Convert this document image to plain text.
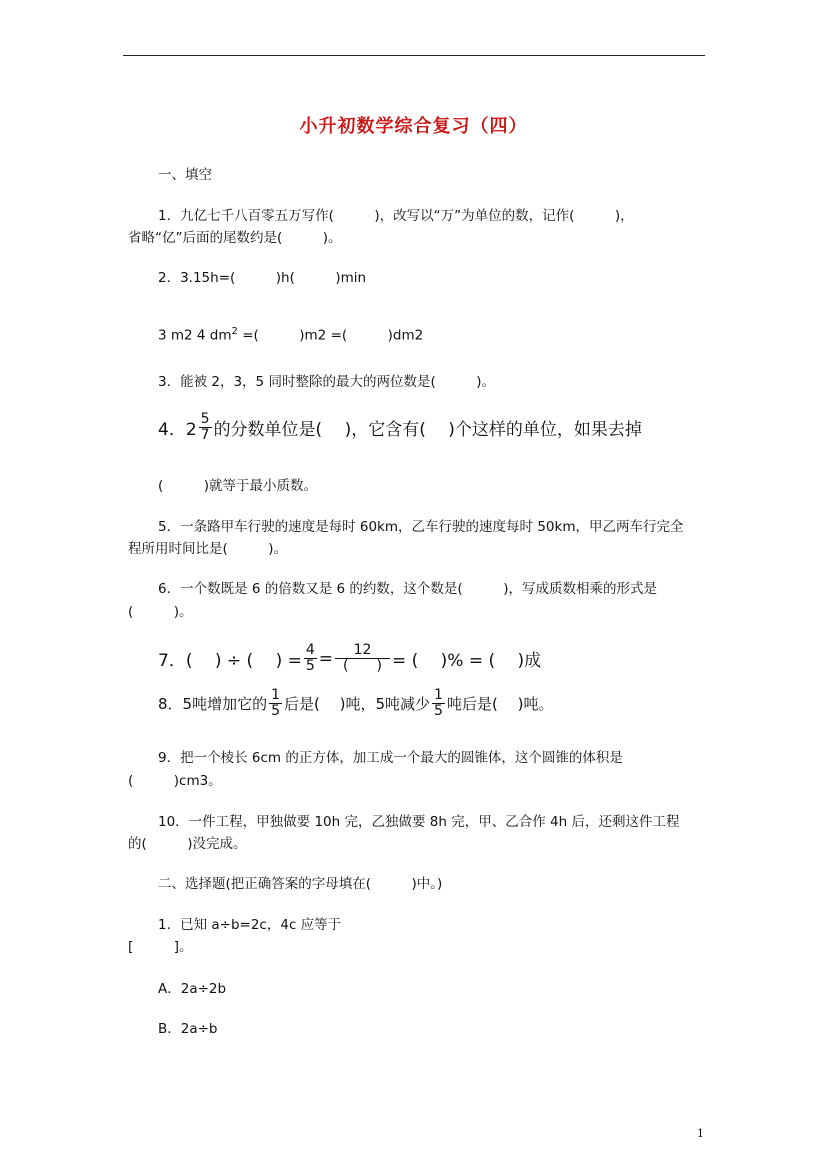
小升初数学综合复习（四）
一、填空
1．九亿七千八百零五万写作(　　　)，改写以“万”为单位的数，记作(　　　)，
省略“亿”后面的尾数约是(　　　)。
2．3.15h=(　　　)h(　　　)min
3 m2 4 $dm^2$ =(　　　)m2 =(　　　)dm2
3．能被 2，3，5 同时整除的最大的两位数是(　　　)。
4．$2 \frac{5}{7}$ 的分数单位是(　 )，它含有(　 )个这样的单位，如果去掉
(　　　)就等于最小质数。
5．一条路甲车行驶的速度是每时 60km，乙车行驶的速度每时 50km，甲乙两车行完全
程所用时间比是(　　　)。
6．一个数既是 6 的倍数又是 6 的约数，这个数是(　　　)，写成质数相乘的形式是
(　　　)。
7．(　 ) ÷ (　 ) = $\frac{4}{5} = \frac{12}{( )}$ = (　 )% = (　 )成
8．5吨增加它的 $\frac{1}{5}$ 后是(　 )吨，5吨减少 $\frac{1}{5}$ 吨后是(　 )吨。
9．把一个棱长 6cm 的正方体，加工成一个最大的圆锥体，这个圆锥的体积是
(　　　)cm3。
10．一件工程，甲独做要 10h 完，乙独做要 8h 完，甲、乙合作 4h 后，还剩这件工程
的(　　　)没完成。
二、选择题(把正确答案的字母填在(　　　)中。)
1．已知 a÷b=2c，4c 应等于
[　　　]。
A．2a÷2b
B．2a÷b
1
